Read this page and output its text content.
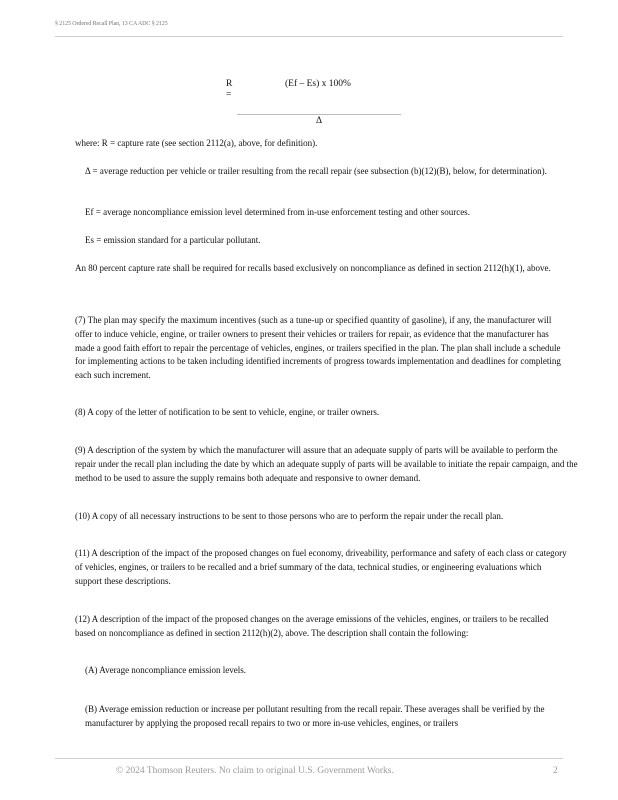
§ 2125 Ordered Recall Plan, 13 CA ADC § 2125
R
=
(Ef – Es) x 100%
Δ

where: R = capture rate (see section 2112(a), above, for definition).

Δ = average reduction per vehicle or trailer resulting from the recall repair (see subsection (b)(12)(B), below, for determination).

Ef = average noncompliance emission level determined from in-use enforcement testing and other sources.

Es = emission standard for a particular pollutant.

An 80 percent capture rate shall be required for recalls based exclusively on noncompliance as defined in section 2112(h)(1), above.

(7) The plan may specify the maximum incentives (such as a tune-up or specified quantity of gasoline), if any, the manufacturer will offer to induce vehicle, engine, or trailer owners to present their vehicles or trailers for repair, as evidence that the manufacturer has made a good faith effort to repair the percentage of vehicles, engines, or trailers specified in the plan. The plan shall include a schedule for implementing actions to be taken including identified increments of progress towards implementation and deadlines for completing each such increment.

(8) A copy of the letter of notification to be sent to vehicle, engine, or trailer owners.

(9) A description of the system by which the manufacturer will assure that an adequate supply of parts will be available to perform the repair under the recall plan including the date by which an adequate supply of parts will be available to initiate the repair campaign, and the method to be used to assure the supply remains both adequate and responsive to owner demand.

(10) A copy of all necessary instructions to be sent to those persons who are to perform the repair under the recall plan.

(11) A description of the impact of the proposed changes on fuel economy, driveability, performance and safety of each class or category of vehicles, engines, or trailers to be recalled and a brief summary of the data, technical studies, or engineering evaluations which support these descriptions.

(12) A description of the impact of the proposed changes on the average emissions of the vehicles, engines, or trailers to be recalled based on noncompliance as defined in section 2112(h)(2), above. The description shall contain the following:

(A) Average noncompliance emission levels.

(B) Average emission reduction or increase per pollutant resulting from the recall repair. These averages shall be verified by the manufacturer by applying the proposed recall repairs to two or more in-use vehicles, engines, or trailers

© 2024 Thomson Reuters. No claim to original U.S. Government Works.	2
